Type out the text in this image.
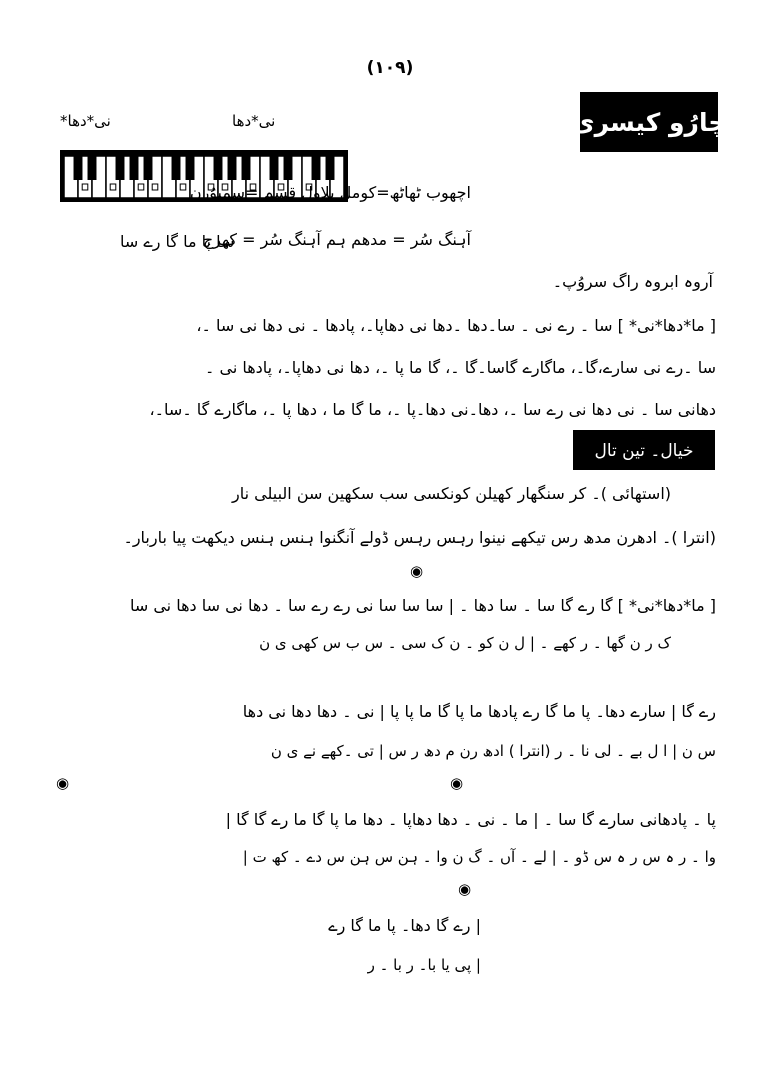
(١٠٩)
چارُو کیسری
نی*دھا
نی*دھا*
اچھوب ٹھاٹھ=کومل بلاول قسم =سمپوُرن
آہنگ سُر = مدھم ہم آہنگ سُر = کھرج
سا پا ما گا رے سا
آروہ ابروہ راگ سروُپ۔
[ ما*دھا*نی* ] سا ۔ رے نی ۔ سا۔دھا ۔دھا نی دھاپا۔، پادھا ۔ نی دھا نی سا ۔،
سا ۔رے نی سارے،گا۔، ماگارے گاسا۔گا ۔، گا ما پا ۔، دھا نی دھاپا۔، پادھا نی ۔
دھانی سا ۔ نی دھا نی رے سا ۔، دھا۔نی دھا۔پا ۔، ما گا ما ، دھا پا ۔، ماگارے گا ۔سا۔،
خیال۔ تین تال
(استھائی )۔ کر سنگھار کھیلن کونکسی سب سکھین سن البیلی نار
(انترا )۔ ادھرن مدھ رس تیکھے نینوا رہس رہس ڈولے آنگنوا ہنس ہنس دیکھت پیا باربار۔
◉
[ ما*دھا*نی* ] گا رے گا سا ۔ سا دھا ۔ | سا سا سا نی رے رے سا ۔ دھا نی سا دھا نی سا
ک ر ن گھا ۔ ر کھے ۔ | ل ن کو ۔ ن ک سی ۔ س ب س کھی ی ن
رے گا | سارے دھا۔ پا ما گا رے پادھا ما پا گا ما پا پا | نی ۔ دھا دھا نی دھا
س ن | ا ل بے ۔ لی نا ۔ ر (انترا ) ادھ رن م دھ ر س | تی ۔کھے نے ی ن
◉	◉
پا ۔ پادھانی سارے گا سا ۔ | ما ۔ نی ۔ دھا دھاپا ۔ دھا ما پا گا ما رے گا گا |
وا ۔ ر ہ س ر ہ س ڈو ۔ | لے ۔ آں ۔ گ ن وا ۔ ہن س ہن س دے ۔ کھ ت |
◉
| رے گا دھا۔ پا ما گا رے
| پی یا با۔ ر با ۔ ر
